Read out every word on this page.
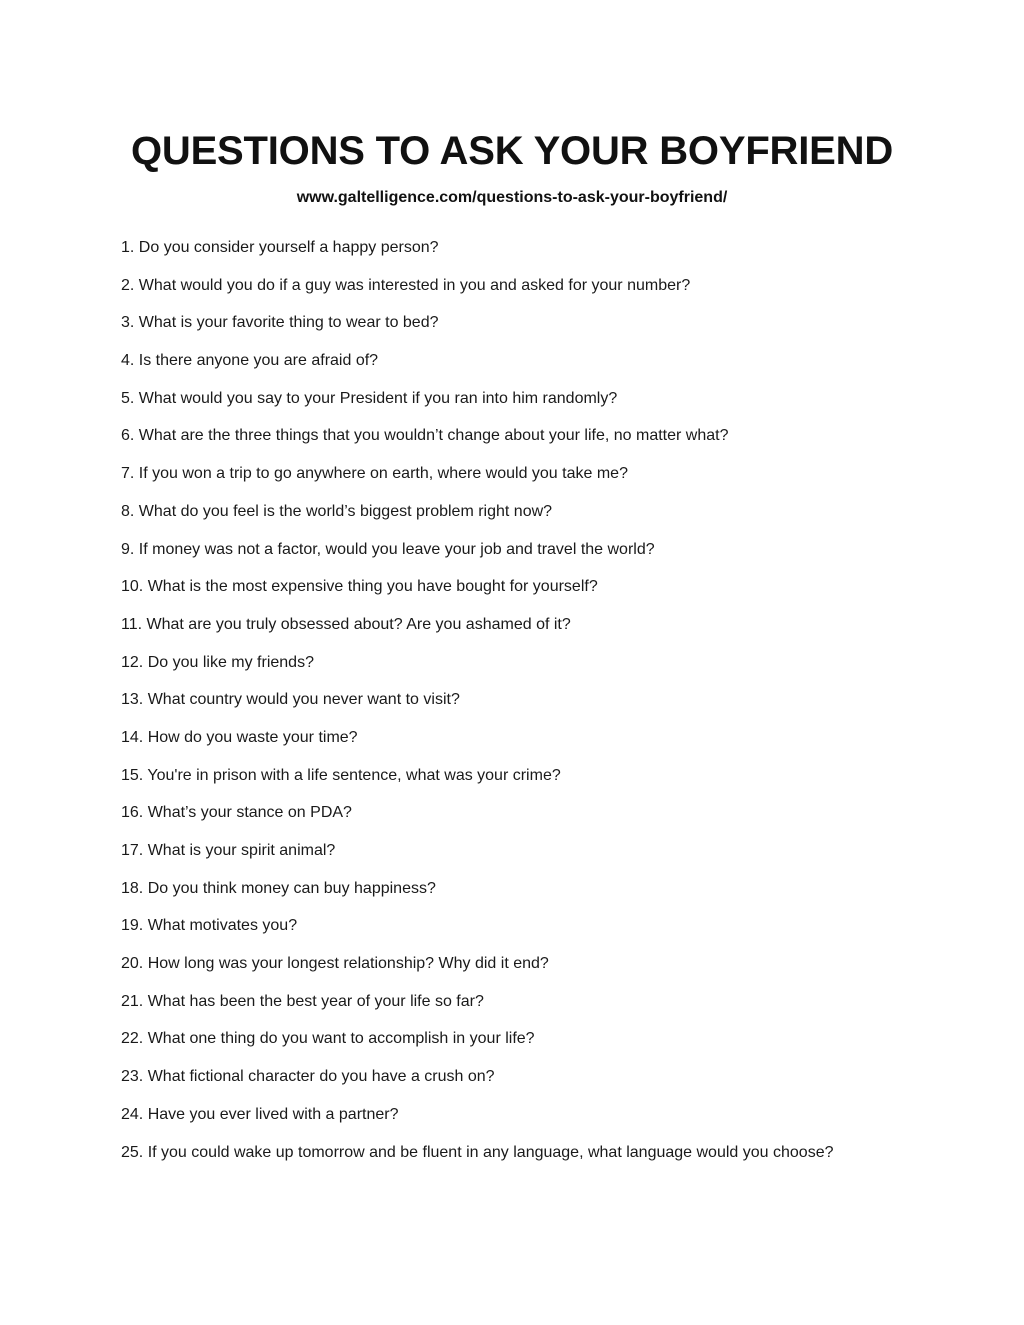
QUESTIONS TO ASK YOUR BOYFRIEND

www.galtelligence.com/questions-to-ask-your-boyfriend/

1. Do you consider yourself a happy person?
2. What would you do if a guy was interested in you and asked for your number?
3. What is your favorite thing to wear to bed?
4. Is there anyone you are afraid of?
5. What would you say to your President if you ran into him randomly?
6. What are the three things that you wouldn’t change about your life, no matter what?
7. If you won a trip to go anywhere on earth, where would you take me?
8. What do you feel is the world’s biggest problem right now?
9. If money was not a factor, would you leave your job and travel the world?
10. What is the most expensive thing you have bought for yourself?
11. What are you truly obsessed about? Are you ashamed of it?
12. Do you like my friends?
13. What country would you never want to visit?
14. How do you waste your time?
15. You're in prison with a life sentence, what was your crime?
16. What’s your stance on PDA?
17. What is your spirit animal?
18. Do you think money can buy happiness?
19. What motivates you?
20. How long was your longest relationship? Why did it end?
21. What has been the best year of your life so far?
22. What one thing do you want to accomplish in your life?
23. What fictional character do you have a crush on?
24. Have you ever lived with a partner?
25. If you could wake up tomorrow and be fluent in any language, what language would you choose?
